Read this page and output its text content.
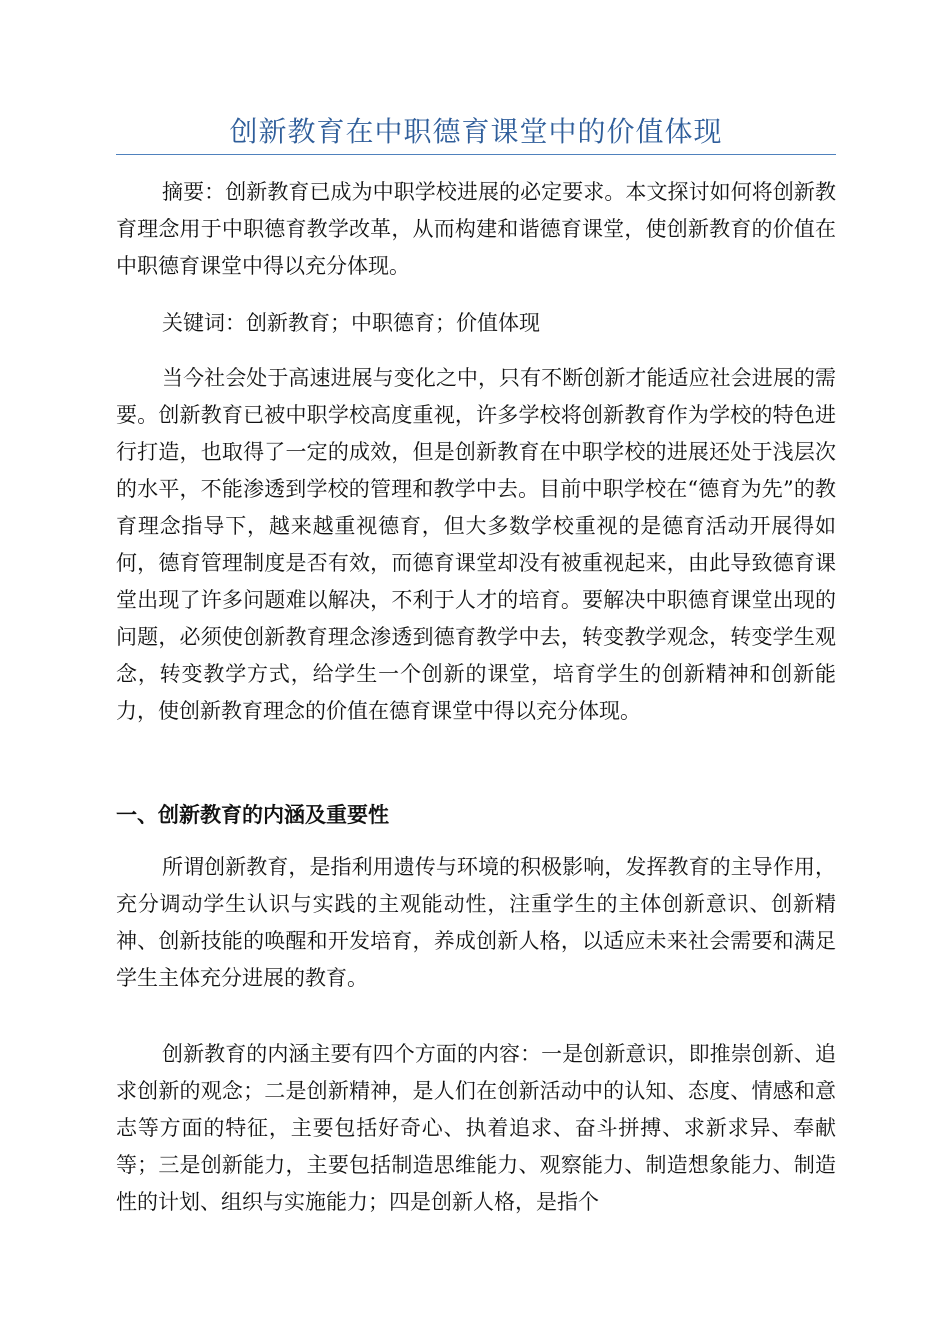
创新教育在中职德育课堂中的价值体现

摘要：创新教育已成为中职学校进展的必定要求。本文探讨如何将创新教育理念用于中职德育教学改革，从而构建和谐德育课堂，使创新教育的价值在中职德育课堂中得以充分体现。

关键词：创新教育；中职德育；价值体现

当今社会处于高速进展与变化之中，只有不断创新才能适应社会进展的需要。创新教育已被中职学校高度重视，许多学校将创新教育作为学校的特色进行打造，也取得了一定的成效，但是创新教育在中职学校的进展还处于浅层次的水平，不能渗透到学校的管理和教学中去。目前中职学校在“德育为先”的教育理念指导下，越来越重视德育，但大多数学校重视的是德育活动开展得如何，德育管理制度是否有效，而德育课堂却没有被重视起来，由此导致德育课堂出现了许多问题难以解决，不利于人才的培育。要解决中职德育课堂出现的问题，必须使创新教育理念渗透到德育教学中去，转变教学观念，转变学生观念，转变教学方式，给学生一个创新的课堂，培育学生的创新精神和创新能力，使创新教育理念的价值在德育课堂中得以充分体现。

一、创新教育的内涵及重要性

所谓创新教育，是指利用遗传与环境的积极影响，发挥教育的主导作用，充分调动学生认识与实践的主观能动性，注重学生的主体创新意识、创新精神、创新技能的唤醒和开发培育，养成创新人格，以适应未来社会需要和满足学生主体充分进展的教育。

创新教育的内涵主要有四个方面的内容：一是创新意识，即推崇创新、追求创新的观念；二是创新精神，是人们在创新活动中的认知、态度、情感和意志等方面的特征，主要包括好奇心、执着追求、奋斗拼搏、求新求异、奉献等；三是创新能力，主要包括制造思维能力、观察能力、制造想象能力、制造性的计划、组织与实施能力；四是创新人格，是指个
